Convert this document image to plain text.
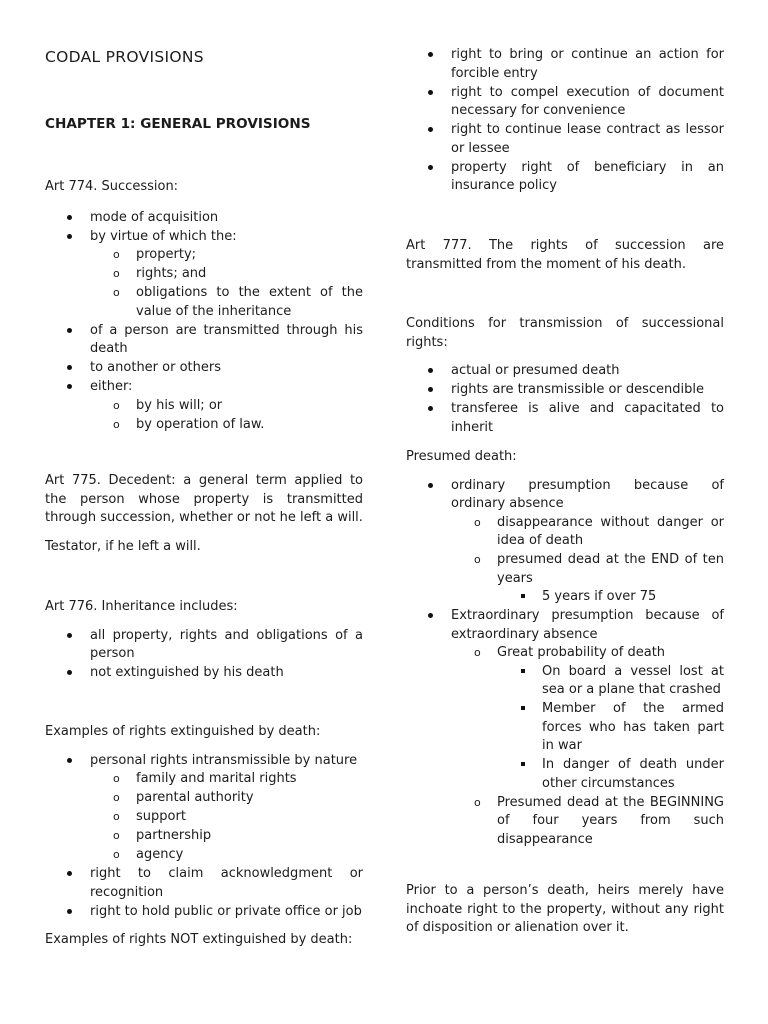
CODAL PROVISIONS
CHAPTER 1: GENERAL PROVISIONS

Art 774. Succession:

mode of acquisition
by virtue of which the:
o property;
o rights; and
o obligations to the extent of the value of the inheritance
of a person are transmitted through his death
to another or others
either:
o by his will; or
o by operation of law.

Art 775. Decedent: a general term applied to the person whose property is transmitted through succession, whether or not he left a will.

Testator, if he left a will.

Art 776. Inheritance includes:

all property, rights and obligations of a person
not extinguished by his death

Examples of rights extinguished by death:

personal rights intransmissible by nature
o family and marital rights
o parental authority
o support
o partnership
o agency
right to claim acknowledgment or recognition
right to hold public or private office or job

Examples of rights NOT extinguished by death:

right to bring or continue an action for forcible entry
right to compel execution of document necessary for convenience
right to continue lease contract as lessor or lessee
property right of beneficiary in an insurance policy

Art 777. The rights of succession are transmitted from the moment of his death.

Conditions for transmission of successional rights:

actual or presumed death
rights are transmissible or descendible
transferee is alive and capacitated to inherit

Presumed death:

ordinary presumption because of ordinary absence
o disappearance without danger or idea of death
o presumed dead at the END of ten years
5 years if over 75
Extraordinary presumption because of extraordinary absence
o Great probability of death
On board a vessel lost at sea or a plane that crashed
Member of the armed forces who has taken part in war
In danger of death under other circumstances
o Presumed dead at the BEGINNING of four years from such disappearance

Prior to a person’s death, heirs merely have inchoate right to the property, without any right of disposition or alienation over it.
